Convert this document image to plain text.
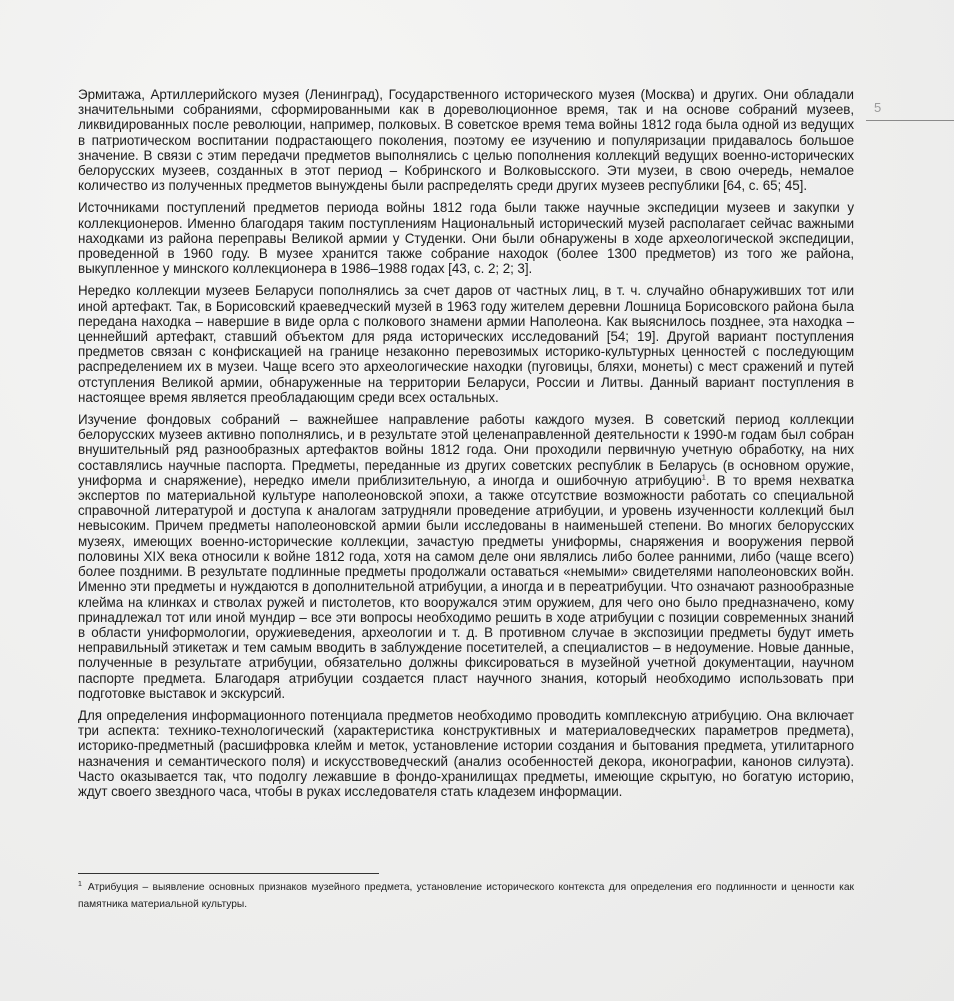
5

Эрмитажа, Артиллерийского музея (Ленинград), Государственного исторического музея (Москва) и других. Они обладали значительными собраниями, сформированными как в дореволюционное время, так и на основе собраний музеев, ликвидированных после революции, например, полковых. В советское время тема войны 1812 года была одной из ведущих в патриотическом воспитании подрастающего поколения, поэтому ее изучению и популяризации придавалось большое значение. В связи с этим передачи предметов выполнялись с целью пополнения коллекций ведущих военно-исторических белорусских музеев, созданных в этот период – Кобринского и Волковысского. Эти музеи, в свою очередь, немалое количество из полученных предметов вынуждены были распределять среди других музеев республики [64, с. 65; 45].

Источниками поступлений предметов периода войны 1812 года были также научные экспедиции музеев и закупки у коллекционеров. Именно благодаря таким поступлениям Национальный исторический музей располагает сейчас важными находками из района переправы Великой армии у Студенки. Они были обнаружены в ходе археологической экспедиции, проведенной в 1960 году. В музее хранится также собрание находок (более 1300 предметов) из того же района, выкупленное у минского коллекционера в 1986–1988 годах [43, с. 2; 2; 3].

Нередко коллекции музеев Беларуси пополнялись за счет даров от частных лиц, в т. ч. случайно обнаруживших тот или иной артефакт. Так, в Борисовский краеведческий музей в 1963 году жителем деревни Лошница Борисовского района была передана находка – навершие в виде орла с полкового знамени армии Наполеона. Как выяснилось позднее, эта находка – ценнейший артефакт, ставший объектом для ряда исторических исследований [54; 19]. Другой вариант поступления предметов связан с конфискацией на границе незаконно перевозимых историко-культурных ценностей с последующим распределением их в музеи. Чаще всего это археологические находки (пуговицы, бляхи, монеты) с мест сражений и путей отступления Великой армии, обнаруженные на территории Беларуси, России и Литвы. Данный вариант поступления в настоящее время является преобладающим среди всех остальных.

Изучение фондовых собраний – важнейшее направление работы каждого музея. В советский период коллекции белорусских музеев активно пополнялись, и в результате этой целенаправленной деятельности к 1990-м годам был собран внушительный ряд разнообразных артефактов войны 1812 года. Они проходили первичную учетную обработку, на них составлялись научные паспорта. Предметы, переданные из других советских республик в Беларусь (в основном оружие, униформа и снаряжение), нередко имели приблизительную, а иногда и ошибочную атрибуцию$^1$. В то время нехватка экспертов по материальной культуре наполеоновской эпохи, а также отсутствие возможности работать со специальной справочной литературой и доступа к аналогам затрудняли проведение атрибуции, и уровень изученности коллекций был невысоким. Причем предметы наполеоновской армии были исследованы в наименьшей степени. Во многих белорусских музеях, имеющих военно-исторические коллекции, зачастую предметы униформы, снаряжения и вооружения первой половины XIX века относили к войне 1812 года, хотя на самом деле они являлись либо более ранними, либо (чаще всего) более поздними. В результате подлинные предметы продолжали оставаться «немыми» свидетелями наполеоновских войн. Именно эти предметы и нуждаются в дополнительной атрибуции, а иногда и в переатрибуции. Что означают разнообразные клейма на клинках и стволах ружей и пистолетов, кто вооружался этим оружием, для чего оно было предназначено, кому принадлежал тот или иной мундир – все эти вопросы необходимо решить в ходе атрибуции с позиции современных знаний в области униформологии, оружиеведения, археологии и т. д. В противном случае в экспозиции предметы будут иметь неправильный этикетаж и тем самым вводить в заблуждение посетителей, а специалистов – в недоумение. Новые данные, полученные в результате атрибуции, обязательно должны фиксироваться в музейной учетной документации, научном паспорте предмета. Благодаря атрибуции создается пласт научного знания, который необходимо использовать при подготовке выставок и экскурсий.

Для определения информационного потенциала предметов необходимо проводить комплексную атрибуцию. Она включает три аспекта: технико-технологический (характеристика конструктивных и материаловедческих параметров предмета), историко-предметный (расшифровка клейм и меток, установление истории создания и бытования предмета, утилитарного назначения и семантического поля) и искусствоведческий (анализ особенностей декора, иконографии, канонов силуэта). Часто оказывается так, что подолгу лежавшие в фондо-хранилищах предметы, имеющие скрытую, но богатую историю, ждут своего звездного часа, чтобы в руках исследователя стать кладезем информации.

$^1$ Атрибуция – выявление основных признаков музейного предмета, установление исторического контекста для определения его подлинности и ценности как памятника материальной культуры.
